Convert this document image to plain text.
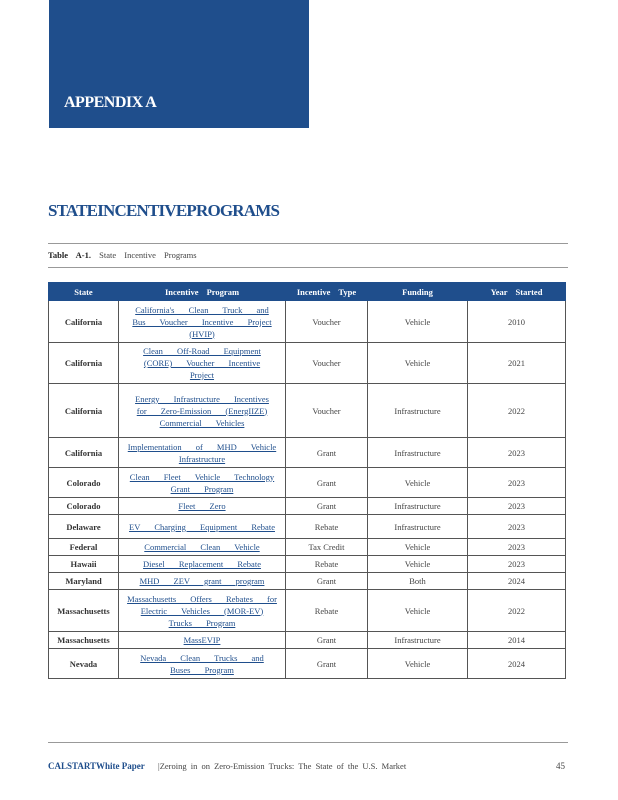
APPENDIX A
STATEINCENTIVEPROGRAMS
Table A-1. State Incentive Programs
State	Incentive Program	Incentive Type	Funding	Year Started
California	California's Clean Truck and Bus Voucher Incentive Project (HVIP)	Voucher	Vehicle	2010
California	Clean Off-Road Equipment (CORE) Voucher Incentive Project	Voucher	Vehicle	2021
California	Energy Infrastructure Incentives for Zero-Emission (EnergIIZE) Commercial Vehicles	Voucher	Infrastructure	2022
California	Implementation of MHD Vehicle Infrastructure	Grant	Infrastructure	2023
Colorado	Clean Fleet Vehicle Technology Grant Program	Grant	Vehicle	2023
Colorado	Fleet Zero	Grant	Infrastructure	2023
Delaware	EV Charging Equipment Rebate	Rebate	Infrastructure	2023
Federal	Commercial Clean Vehicle	Tax Credit	Vehicle	2023
Hawaii	Diesel Replacement Rebate	Rebate	Vehicle	2023
Maryland	MHD ZEV grant program	Grant	Both	2024
Massachusetts	Massachusetts Offers Rebates for Electric Vehicles (MOR-EV) Trucks Program	Rebate	Vehicle	2022
Massachusetts	MassEVIP	Grant	Infrastructure	2014
Nevada	Nevada Clean Trucks and Buses Program	Grant	Vehicle	2024
CALSTARTWhite Paper |Zeroing in on Zero-Emission Trucks: The State of the U.S. Market	45
